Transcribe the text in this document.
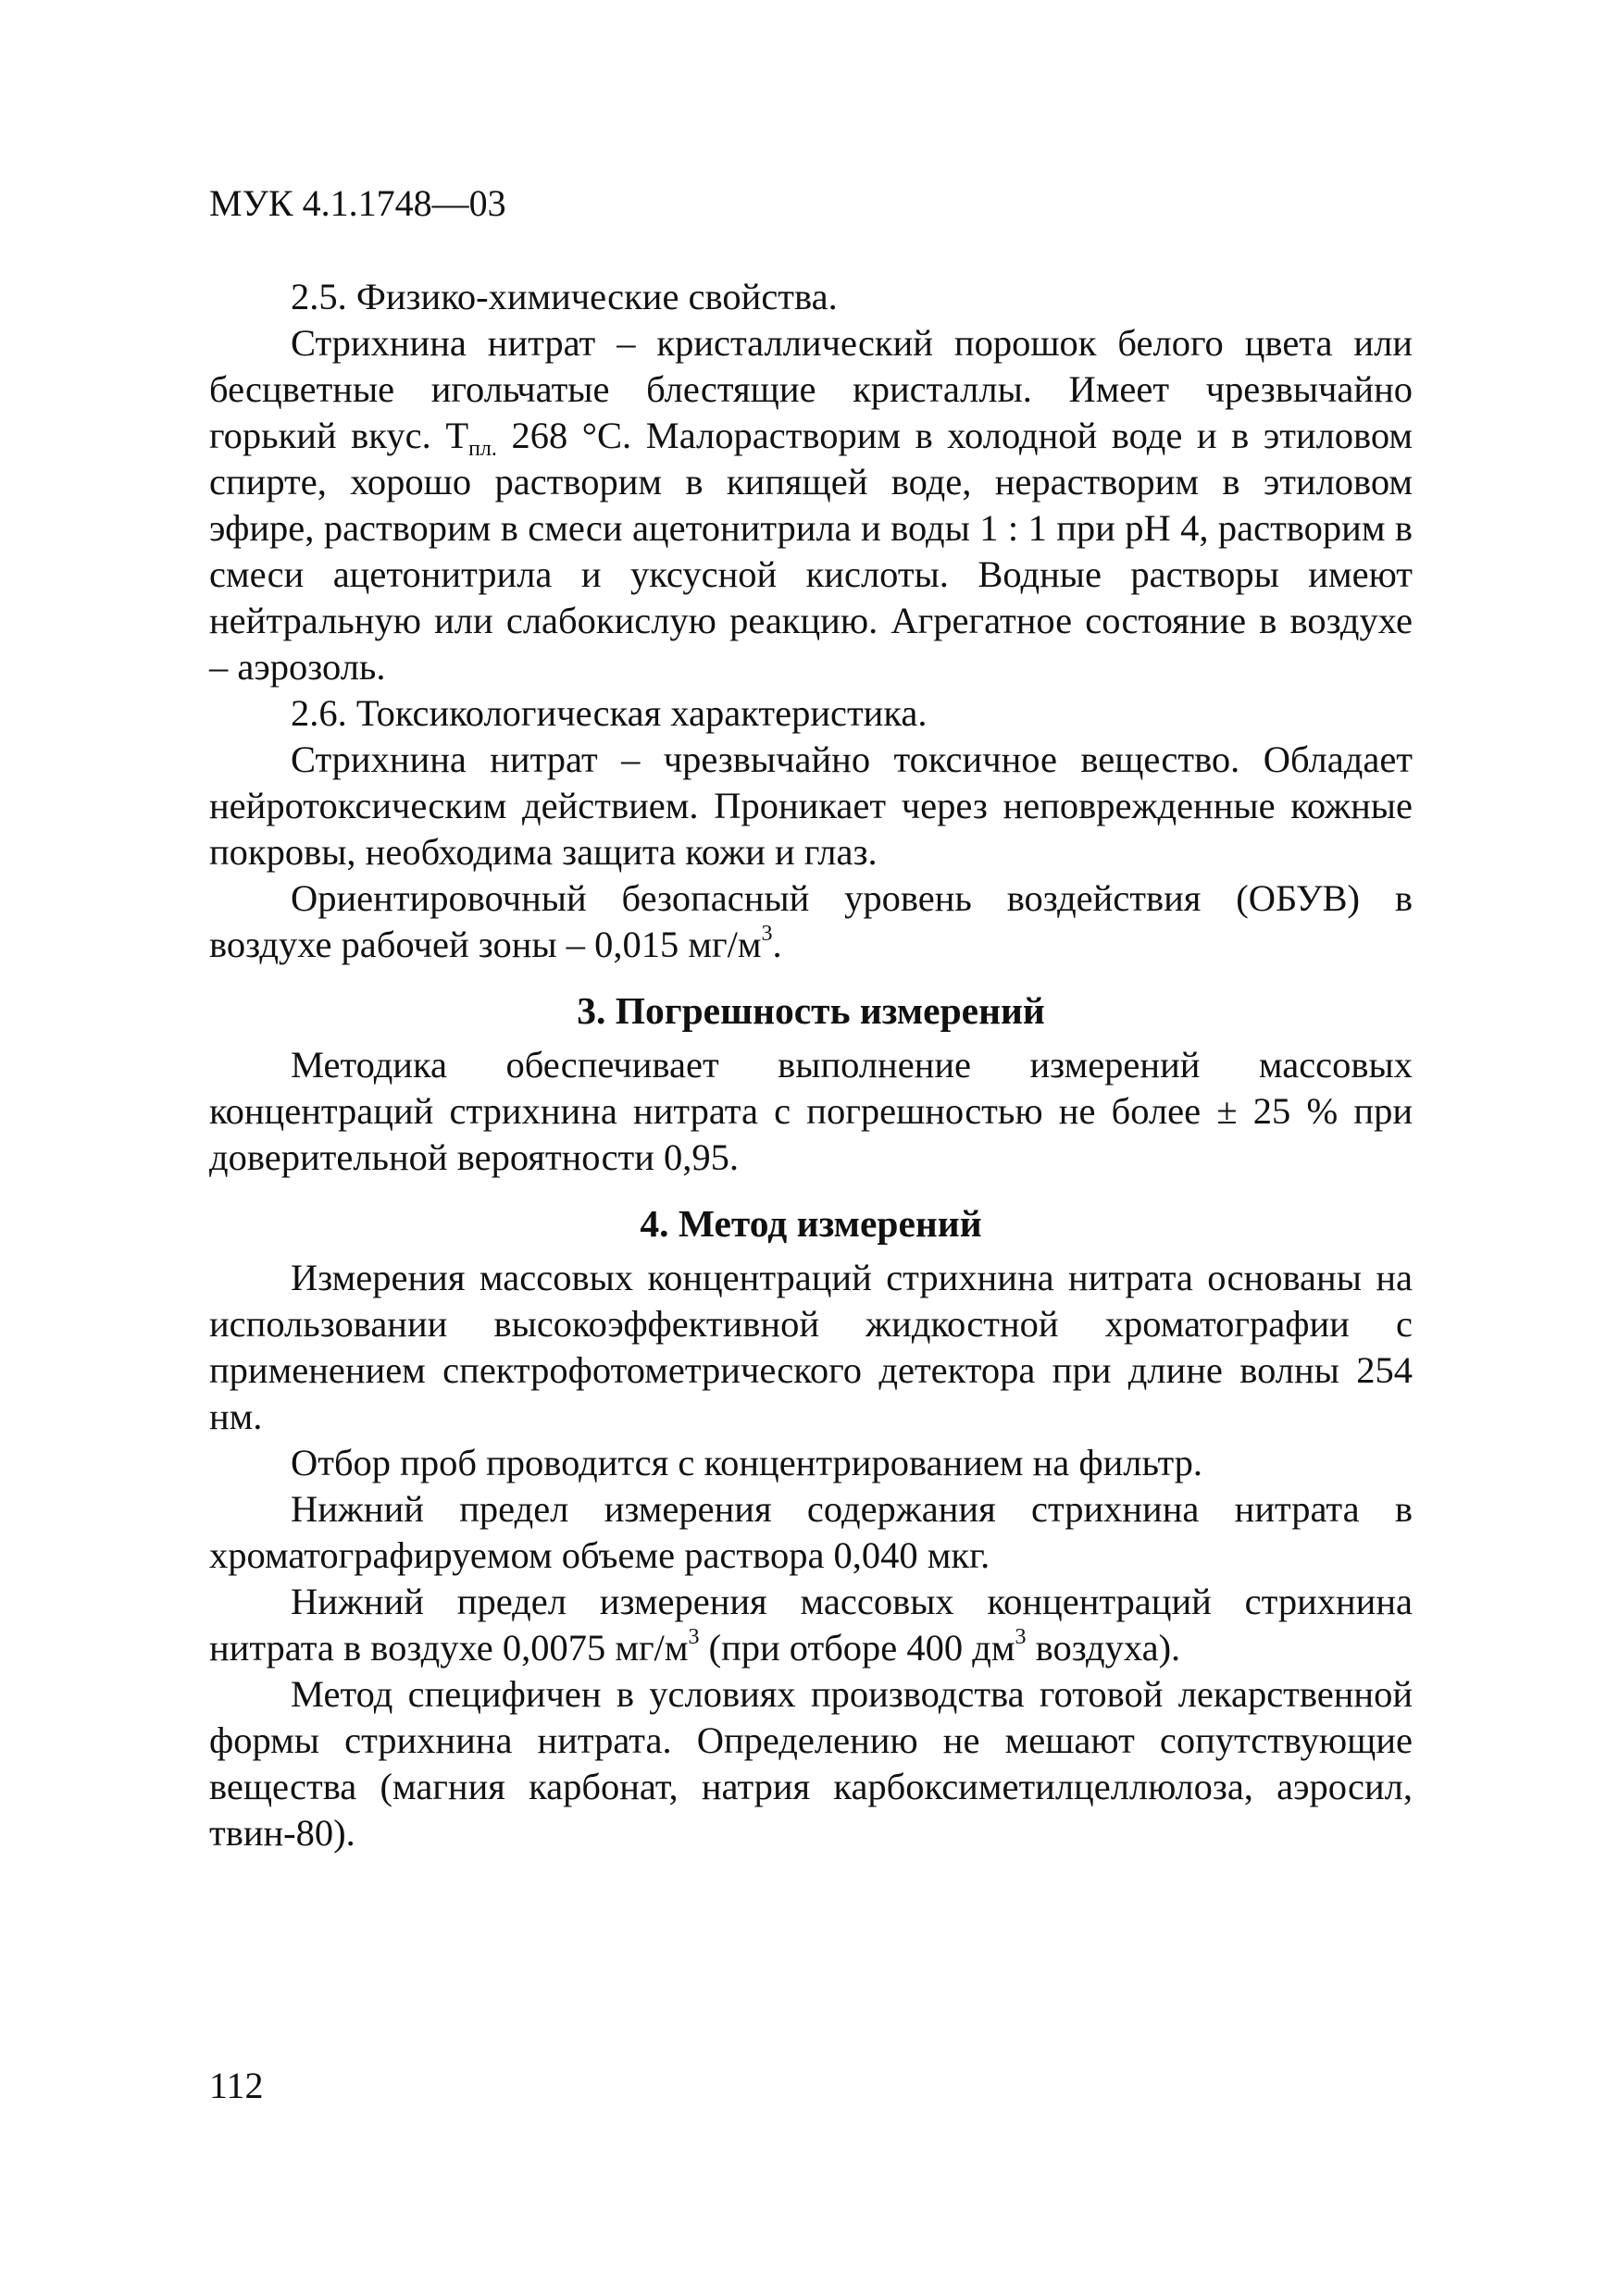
МУК 4.1.1748—03

2.5. Физико-химические свойства.

Стрихнина нитрат – кристаллический порошок белого цвета или бесцветные игольчатые блестящие кристаллы. Имеет чрезвычайно горький вкус. $T_{пл.}$ 268 °С. Малорастворим в холодной воде и в этиловом спирте, хорошо растворим в кипящей воде, нерастворим в этиловом эфире, растворим в смеси ацетонитрила и воды 1 : 1 при pH 4, растворим в смеси ацетонитрила и уксусной кислоты. Водные растворы имеют нейтральную или слабокислую реакцию. Агрегатное состояние в воздухе – аэрозоль.

2.6. Токсикологическая характеристика.

Стрихнина нитрат – чрезвычайно токсичное вещество. Обладает нейротоксическим действием. Проникает через неповрежденные кожные покровы, необходима защита кожи и глаз.

Ориентировочный безопасный уровень воздействия (ОБУВ) в воздухе рабочей зоны – 0,015 $мг/м^3$.

3. Погрешность измерений

Методика обеспечивает выполнение измерений массовых концентраций стрихнина нитрата с погрешностью не более ± 25 % при доверительной вероятности 0,95.

4. Метод измерений

Измерения массовых концентраций стрихнина нитрата основаны на использовании высокоэффективной жидкостной хроматографии с применением спектрофотометрического детектора при длине волны 254 нм.

Отбор проб проводится с концентрированием на фильтр.

Нижний предел измерения содержания стрихнина нитрата в хроматографируемом объеме раствора 0,040 мкг.

Нижний предел измерения массовых концентраций стрихнина нитрата в воздухе 0,0075 $мг/м^3$ (при отборе 400 $дм^3$ воздуха).

Метод специфичен в условиях производства готовой лекарственной формы стрихнина нитрата. Определению не мешают сопутствующие вещества (магния карбонат, натрия карбоксиметилцеллюлоза, аэросил, твин-80).

112
